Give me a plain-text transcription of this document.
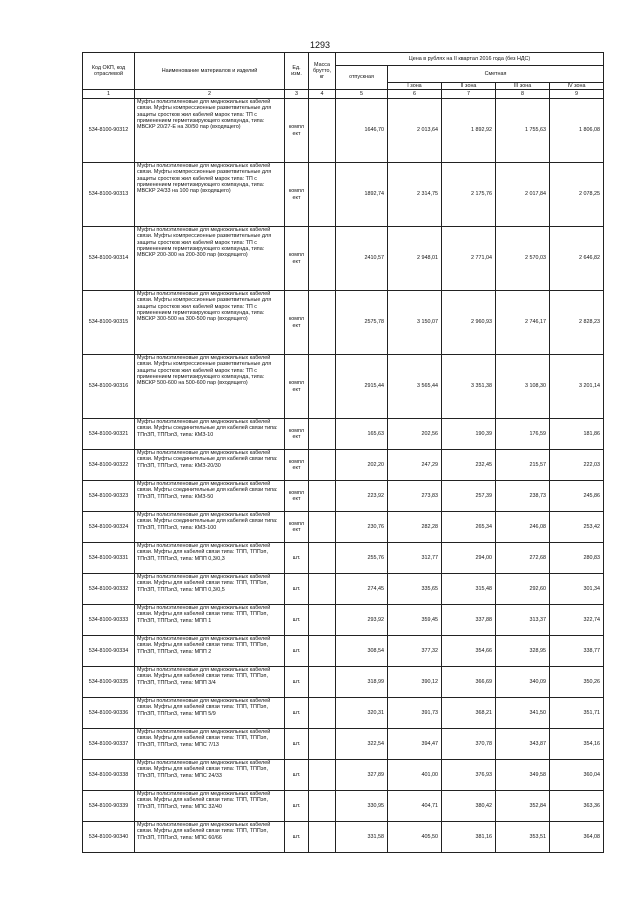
1293
Код ОКП, код отраслевой	Наименование материалов и изделий	Ед. изм.	Масса брутто, кг	Цена в рублях на II квартал 2016 года (без НДС)				
				отпускная	Сметная			
					I зона	II зона	III зона	IV зона
1	2	3	4	5	6	7	8	9
534-8100-90312	Муфты полиэтиленовые для медножильных кабелей связи. Муфты компрессионные разветвительные для защиты сростков жил кабелей марок типа: ТП с применением герметизирующего компаунда, типа: МВСКР 20/27-Е на 30/50 пар (входящего)	компл ект		1646,70	2 013,64	1 892,92	1 755,63	1 806,08
534-8100-90313	Муфты полиэтиленовые для медножильных кабелей связи. Муфты компрессионные разветвительные для защиты сростков жил кабелей марок типа: ТП с применением герметизирующего компаунда, типа: МВСКР 24/33 на 100 пар (входящего)	компл ект		1892,74	2 314,75	2 175,76	2 017,84	2 078,25
534-8100-90314	Муфты полиэтиленовые для медножильных кабелей связи. Муфты компрессионные разветвительные для защиты сростков жил кабелей марок типа: ТП с применением герметизирующего компаунда, типа: МВСКР 200-300 на 200-300 пар (входящего)	компл ект		2410,57	2 948,01	2 771,04	2 570,03	2 646,82
534-8100-90315	Муфты полиэтиленовые для медножильных кабелей связи. Муфты компрессионные разветвительные для защиты сростков жил кабелей марок типа: ТП с применением герметизирующего компаунда, типа: МВСКР 300-500 на 300-500 пар (входящего)	компл ект		2575,78	3 150,07	2 960,93	2 746,17	2 828,23
534-8100-90316	Муфты полиэтиленовые для медножильных кабелей связи. Муфты компрессионные разветвительные для защиты сростков жил кабелей марок типа: ТП с применением герметизирующего компаунда, типа: МВСКР 500-600 на 500-600 пар (входящего)	компл ект		2915,44	3 565,44	3 351,38	3 108,30	3 201,14
534-8100-90321	Муфты полиэтиленовые для медножильных кабелей связи. Муфты соединительные для кабелей связи типа: ТПпЗП, ТППэпЗ, типа: КМЗ-10	компл ект		165,63	202,56	190,39	176,59	181,86
534-8100-90322	Муфты полиэтиленовые для медножильных кабелей связи. Муфты соединительные для кабелей связи типа: ТПпЗП, ТППэпЗ, типа: КМЗ-20/30	компл ект		202,20	247,29	232,45	215,57	222,03
534-8100-90323	Муфты полиэтиленовые для медножильных кабелей связи. Муфты соединительные для кабелей связи типа: ТПпЗП, ТППэпЗ, типа: КМЗ-50	компл ект		223,92	273,83	257,39	238,73	245,86
534-8100-90324	Муфты полиэтиленовые для медножильных кабелей связи. Муфты соединительные для кабелей связи типа: ТПпЗП, ТППэпЗ, типа: КМЗ-100	компл ект		230,76	282,28	265,34	246,08	253,42
534-8100-90331	Муфты полиэтиленовые для медножильных кабелей связи. Муфты для кабелей связи типа: ТПП, ТППэп, ТПпЗП, ТППэпЗ, типа: МПП 0,3/0,3	шт.		255,76	312,77	294,00	272,68	280,83
534-8100-90332	Муфты полиэтиленовые для медножильных кабелей связи. Муфты для кабелей связи типа: ТПП, ТППэп, ТПпЗП, ТППэпЗ, типа: МПП 0,3/0,5	шт.		274,45	335,65	315,48	292,60	301,34
534-8100-90333	Муфты полиэтиленовые для медножильных кабелей связи. Муфты для кабелей связи типа: ТПП, ТППэп, ТПпЗП, ТППэпЗ, типа: МПП 1	шт.		293,92	359,45	337,88	313,37	322,74
534-8100-90334	Муфты полиэтиленовые для медножильных кабелей связи. Муфты для кабелей связи типа: ТПП, ТППэп, ТПпЗП, ТППэпЗ, типа: МПП 2	шт.		308,54	377,32	354,66	328,95	338,77
534-8100-90335	Муфты полиэтиленовые для медножильных кабелей связи. Муфты для кабелей связи типа: ТПП, ТППэп, ТПпЗП, ТППэпЗ, типа: МПП 3/4	шт.		318,99	390,12	366,69	340,09	350,26
534-8100-90336	Муфты полиэтиленовые для медножильных кабелей связи. Муфты для кабелей связи типа: ТПП, ТППэп, ТПпЗП, ТППэпЗ, типа: МПП 5/9	шт.		320,31	391,73	368,21	341,50	351,71
534-8100-90337	Муфты полиэтиленовые для медножильных кабелей связи. Муфты для кабелей связи типа: ТПП, ТППэп, ТПпЗП, ТППэпЗ, типа: МПС 7/13	шт.		322,54	394,47	370,78	343,87	354,16
534-8100-90338	Муфты полиэтиленовые для медножильных кабелей связи. Муфты для кабелей связи типа: ТПП, ТППэп, ТПпЗП, ТППэпЗ, типа: МПС 24/33	шт.		327,89	401,00	376,93	349,58	360,04
534-8100-90339	Муфты полиэтиленовые для медножильных кабелей связи. Муфты для кабелей связи типа: ТПП, ТППэп, ТПпЗП, ТППэпЗ, типа: МПС 32/40	шт.		330,95	404,71	380,42	352,84	363,36
534-8100-90340	Муфты полиэтиленовые для медножильных кабелей связи. Муфты для кабелей связи типа: ТПП, ТППэп, ТПпЗП, ТППэпЗ, типа: МПС 60/66	шт.		331,58	405,50	381,16	353,51	364,08
